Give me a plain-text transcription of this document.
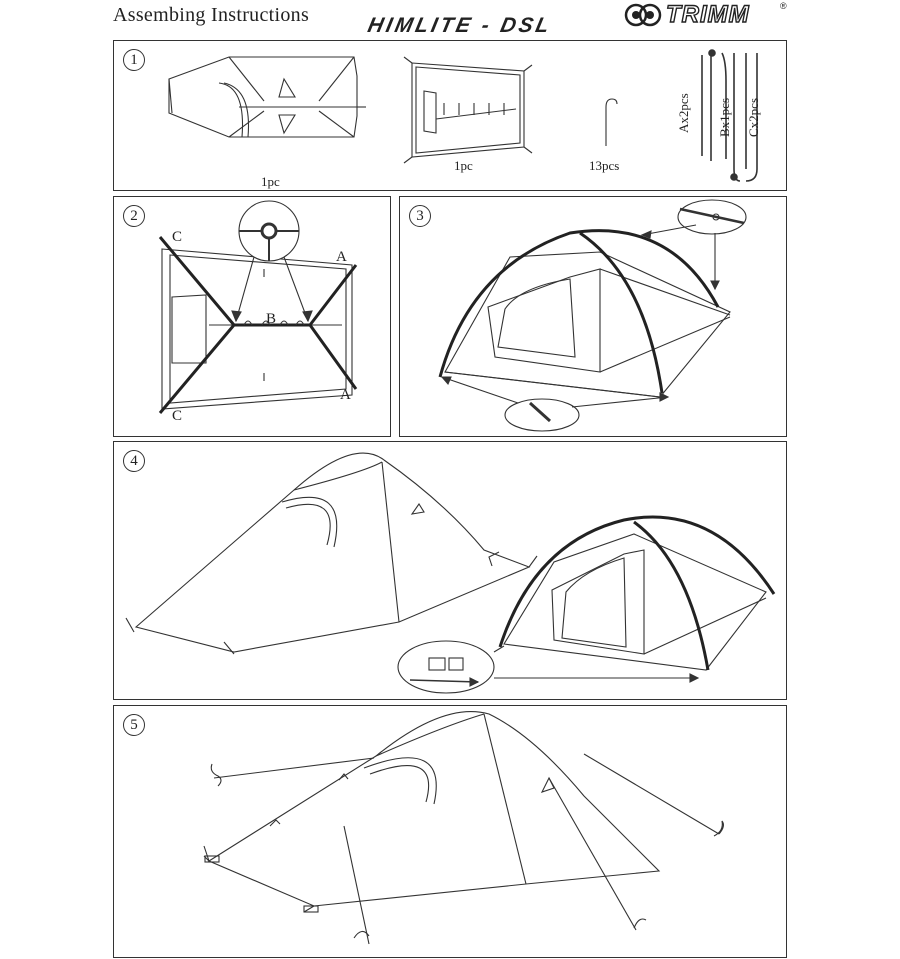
Assembing Instructions	HIMLITE - DSL	TRIMM	®
1
1pc
1pc	13pcs
Ax2pcs Bx1pcs Cx2pcs
2
C
A
B
C
A
3
4
5
